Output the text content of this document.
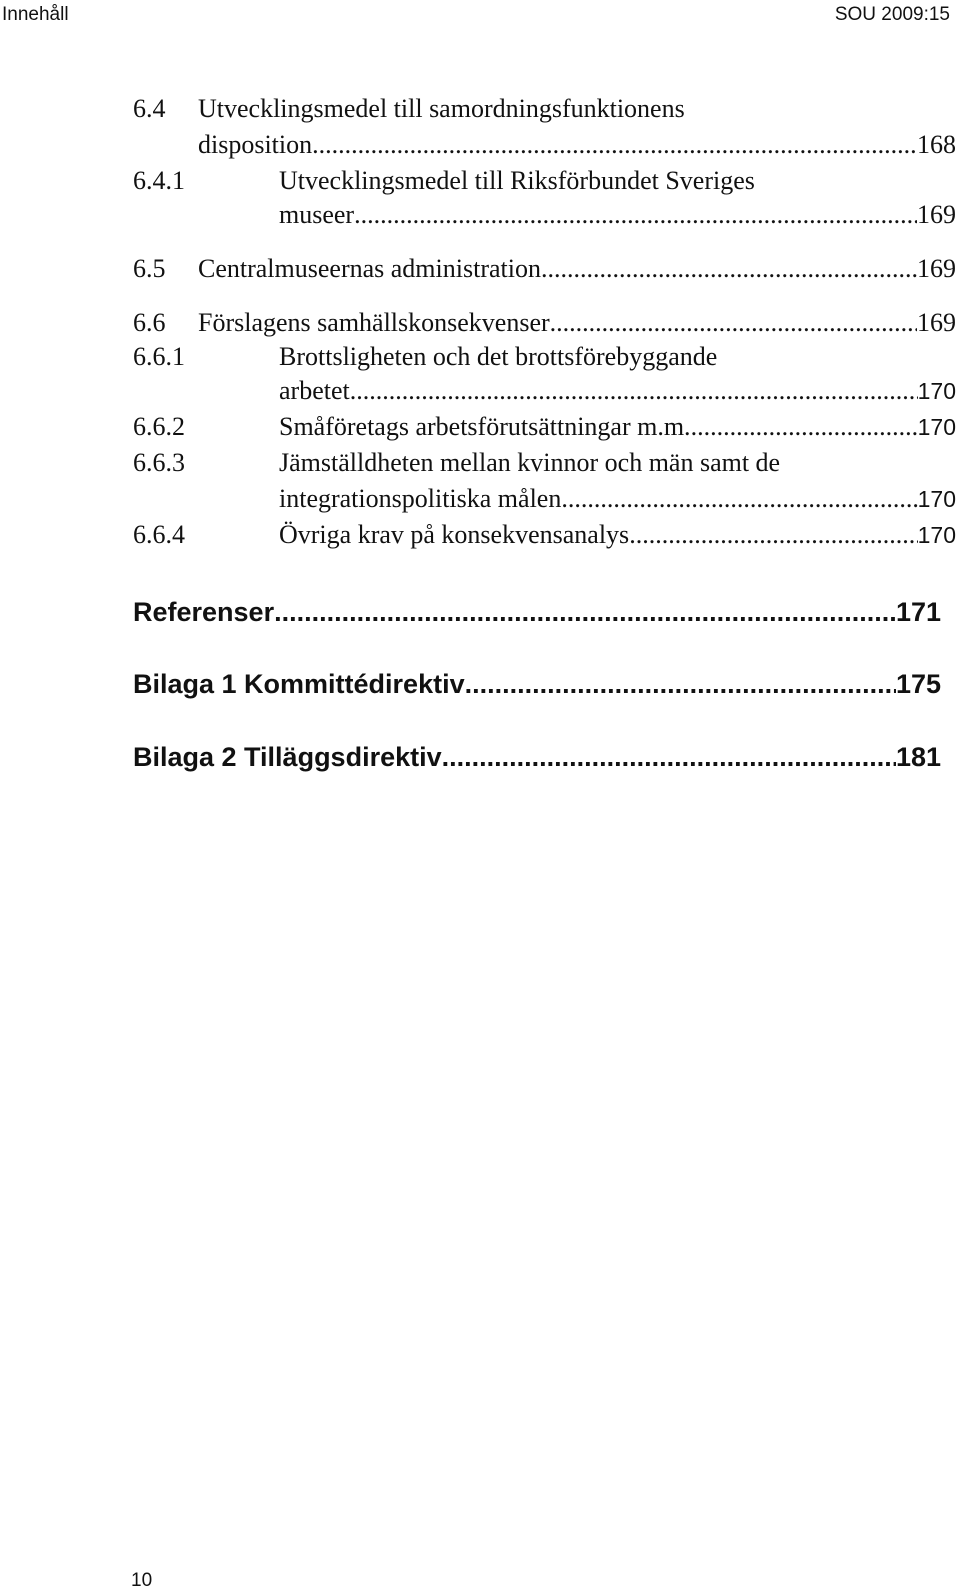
Innehåll	SOU 2009:15
6.4 Utvecklingsmedel till samordningsfunktionens
disposition .....	168
6.4.1	Utvecklingsmedel till Riksförbundet Sveriges
museer .....	169
6.5 Centralmuseernas administration .....	169
6.6 Förslagens samhällskonsekvenser .....	169
6.6.1	Brottsligheten och det brottsförebyggande
arbetet .....	170
6.6.2	Småföretags arbetsförutsättningar m.m. .....	170
6.6.3	Jämställdheten mellan kvinnor och män samt de
integrationspolitiska målen .....	170
6.6.4	Övriga krav på konsekvensanalys .....	170
Referenser .....	171
Bilaga 1 Kommittédirektiv .....	175
Bilaga 2 Tilläggsdirektiv .....	181
10
